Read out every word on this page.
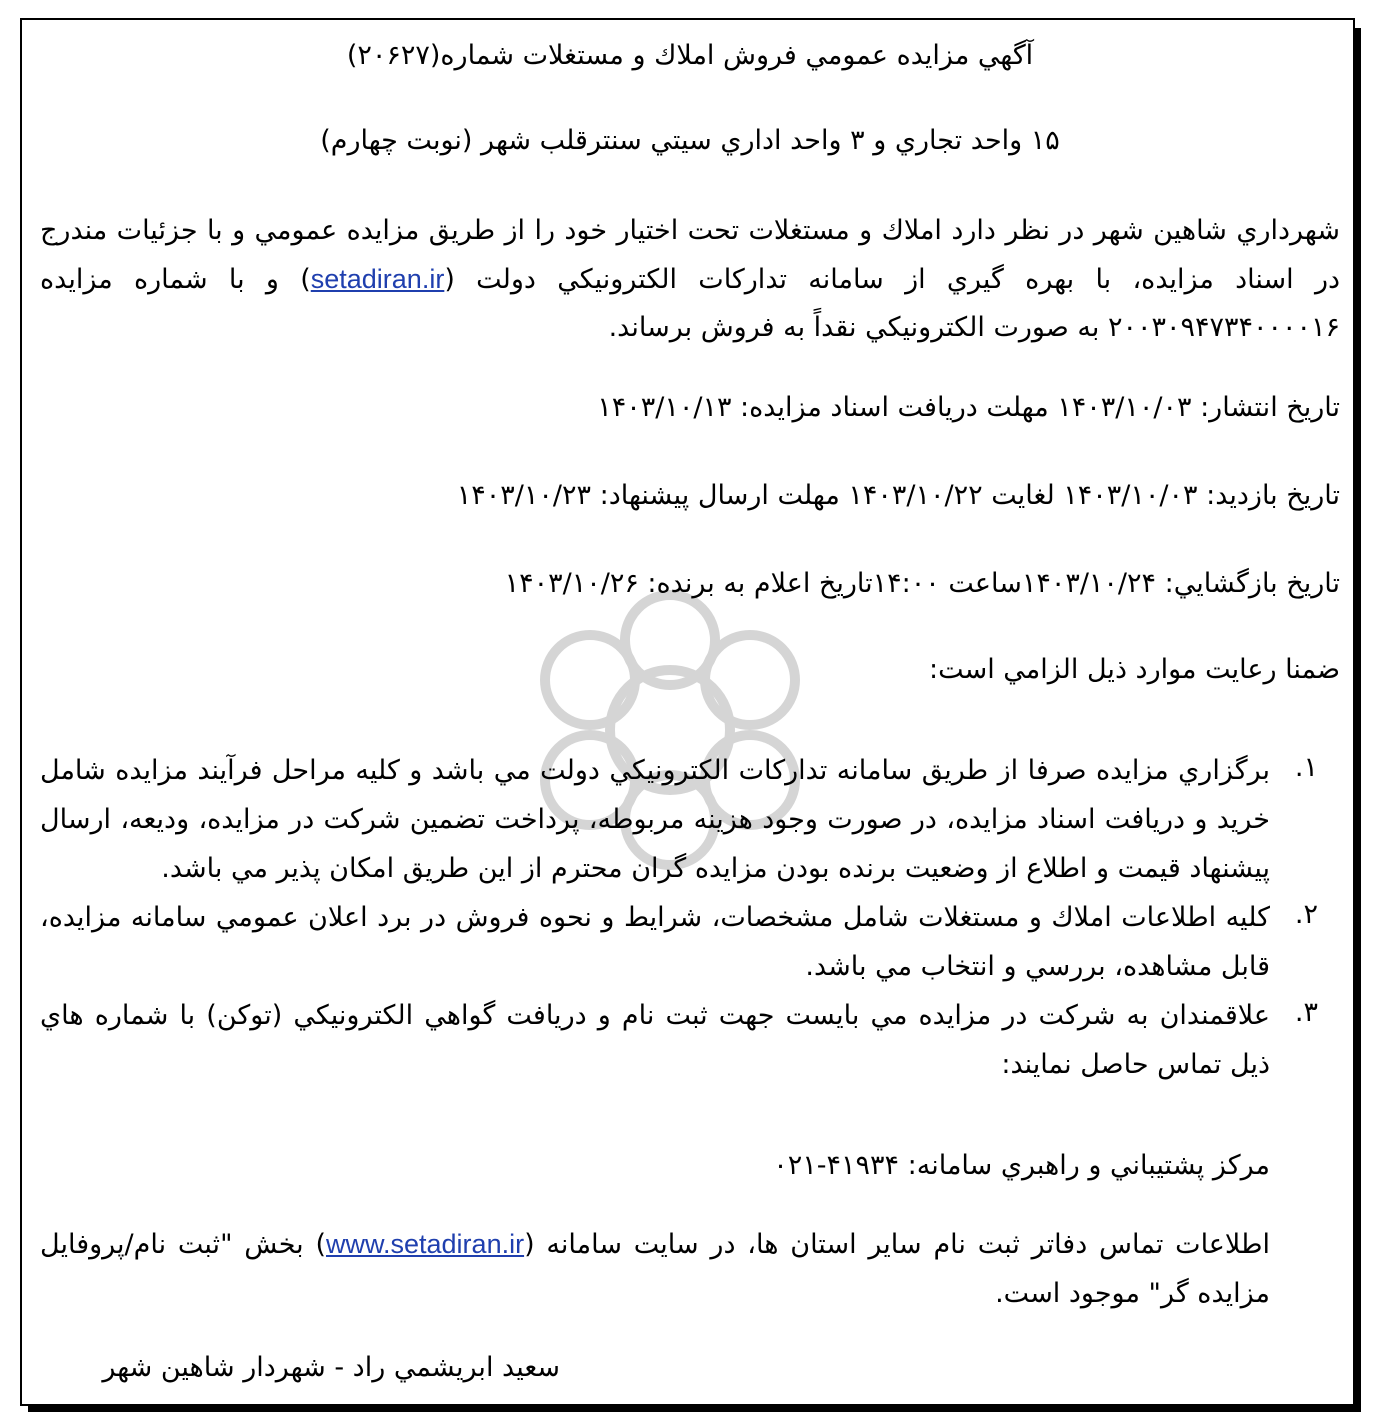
آگهي مزايده عمومي فروش املاك و مستغلات شماره(۲۰۶۲۷)
۱۵ واحد تجاري و ۳ واحد اداري سيتي سنترقلب شهر (نوبت چهارم)
شهرداري شاهين شهر در نظر دارد املاك و مستغلات تحت اختيار خود را از طريق مزايده عمومي و با جزئيات مندرج در اسناد مزايده، با بهره گيري از سامانه تداركات الكترونيكي دولت (setadiran.ir) و با شماره مزايده ۲۰۰۳۰۹۴۷۳۴۰۰۰۰۱۶ به صورت الكترونيكي نقداً به فروش برساند.
تاريخ انتشار: ۱۴۰۳/۱۰/۰۳ مهلت دريافت اسناد مزايده: ۱۴۰۳/۱۰/۱۳
تاريخ بازديد: ۱۴۰۳/۱۰/۰۳ لغايت ۱۴۰۳/۱۰/۲۲ مهلت ارسال پيشنهاد: ۱۴۰۳/۱۰/۲۳
تاريخ بازگشايي: ۱۴۰۳/۱۰/۲۴ساعت ۱۴:۰۰تاريخ اعلام به برنده: ۱۴۰۳/۱۰/۲۶
ضمنا رعايت موارد ذيل الزامي است:
۱.
برگزاري مزايده صرفا از طريق سامانه تداركات الكترونيكي دولت مي باشد و كليه مراحل فرآيند مزايده شامل خريد و دريافت اسناد مزايده، در صورت وجود هزينه مربوطه، پرداخت تضمين شركت در مزايده، وديعه، ارسال پيشنهاد قيمت و اطلاع از وضعيت برنده بودن مزايده گران محترم از اين طريق امكان پذير مي باشد.
۲.
كليه اطلاعات املاك و مستغلات شامل مشخصات، شرايط و نحوه فروش در برد اعلان عمومي سامانه مزايده، قابل مشاهده، بررسي و انتخاب مي باشد.
۳.
علاقمندان به شركت در مزايده مي بايست جهت ثبت نام و دريافت گواهي الكترونيكي (توكن) با شماره هاي ذيل تماس حاصل نمايند:
مركز پشتيباني و راهبري سامانه: ۴۱۹۳۴-۰۲۱
اطلاعات تماس دفاتر ثبت نام ساير استان ها، در سايت سامانه (www.setadiran.ir) بخش "ثبت نام/پروفايل مزايده گر" موجود است.
سعيد ابريشمي راد - شهردار شاهين شهر
